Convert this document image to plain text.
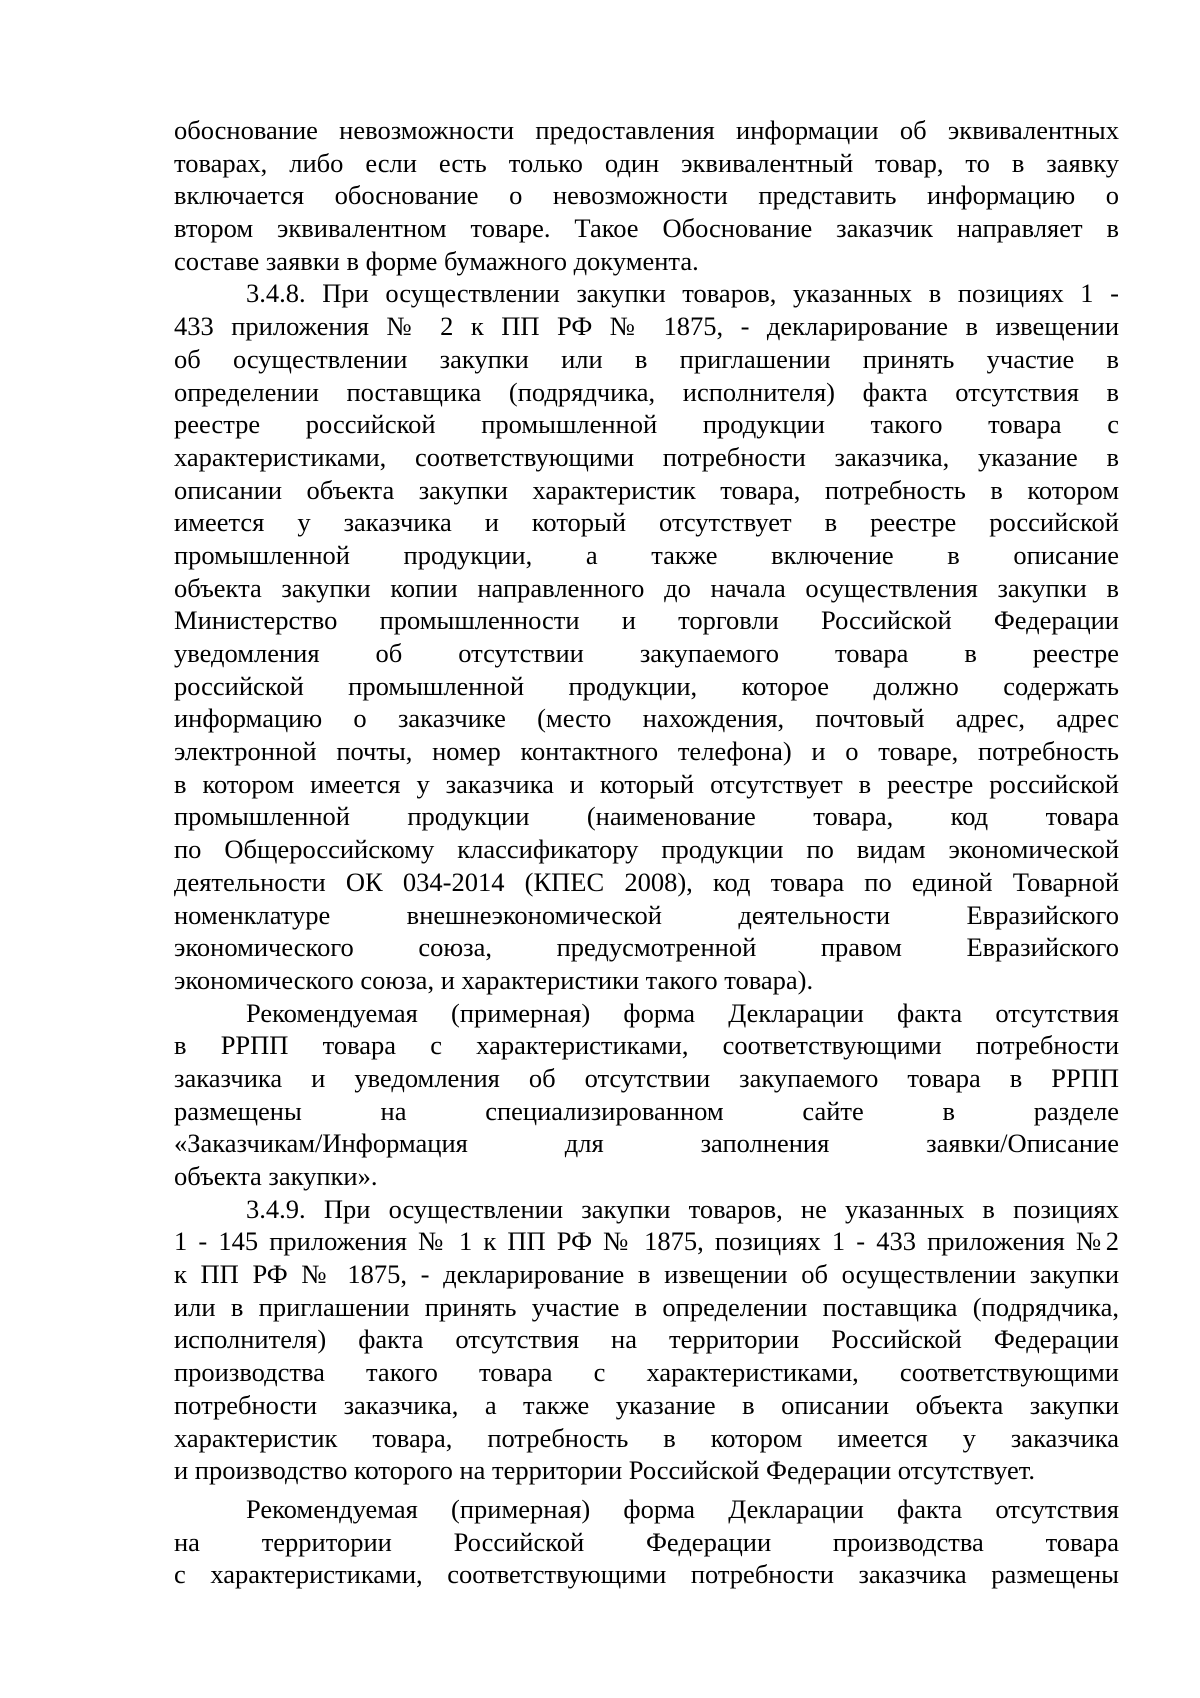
обоснование невозможности предоставления информации об эквивалентных
товарах, либо если есть только один эквивалентный товар, то в заявку
включается обоснование о невозможности представить информацию о
втором эквивалентном товаре. Такое Обоснование заказчик направляет в
составе заявки в форме бумажного документа.
3.4.8. При осуществлении закупки товаров, указанных в позициях 1 -
433 приложения № 2 к ПП РФ № 1875, - декларирование в извещении
об осуществлении закупки или в приглашении принять участие в
определении поставщика (подрядчика, исполнителя) факта отсутствия в
реестре российской промышленной продукции такого товара с
характеристиками, соответствующими потребности заказчика, указание в
описании объекта закупки характеристик товара, потребность в котором
имеется у заказчика и который отсутствует в реестре российской
промышленной продукции, а также включение в описание
объекта закупки копии направленного до начала осуществления закупки в
Министерство промышленности и торговли Российской Федерации
уведомления об отсутствии закупаемого товара в реестре
российской промышленной продукции, которое должно содержать
информацию о заказчике (место нахождения, почтовый адрес, адрес
электронной почты, номер контактного телефона) и о товаре, потребность
в котором имеется у заказчика и который отсутствует в реестре российской
промышленной продукции (наименование товара, код товара
по Общероссийскому классификатору продукции по видам экономической
деятельности ОК 034-2014 (КПЕС 2008), код товара по единой Товарной
номенклатуре внешнеэкономической деятельности Евразийского
экономического союза, предусмотренной правом Евразийского
экономического союза, и характеристики такого товара).
Рекомендуемая (примерная) форма Декларации факта отсутствия
в РРПП товара с характеристиками, соответствующими потребности
заказчика и уведомления об отсутствии закупаемого товара в РРПП
размещены на специализированном сайте в разделе
«Заказчикам/Информация для заполнения заявки/Описание
объекта закупки».
3.4.9. При осуществлении закупки товаров, не указанных в позициях
1 - 145 приложения № 1 к ПП РФ № 1875, позициях 1 - 433 приложения №2
к ПП РФ № 1875, - декларирование в извещении об осуществлении закупки
или в приглашении принять участие в определении поставщика (подрядчика,
исполнителя) факта отсутствия на территории Российской Федерации
производства такого товара с характеристиками, соответствующими
потребности заказчика, а также указание в описании объекта закупки
характеристик товара, потребность в котором имеется у заказчика
и производство которого на территории Российской Федерации отсутствует.
Рекомендуемая (примерная) форма Декларации факта отсутствия
на территории Российской Федерации производства товара
с характеристиками, соответствующими потребности заказчика размещены
